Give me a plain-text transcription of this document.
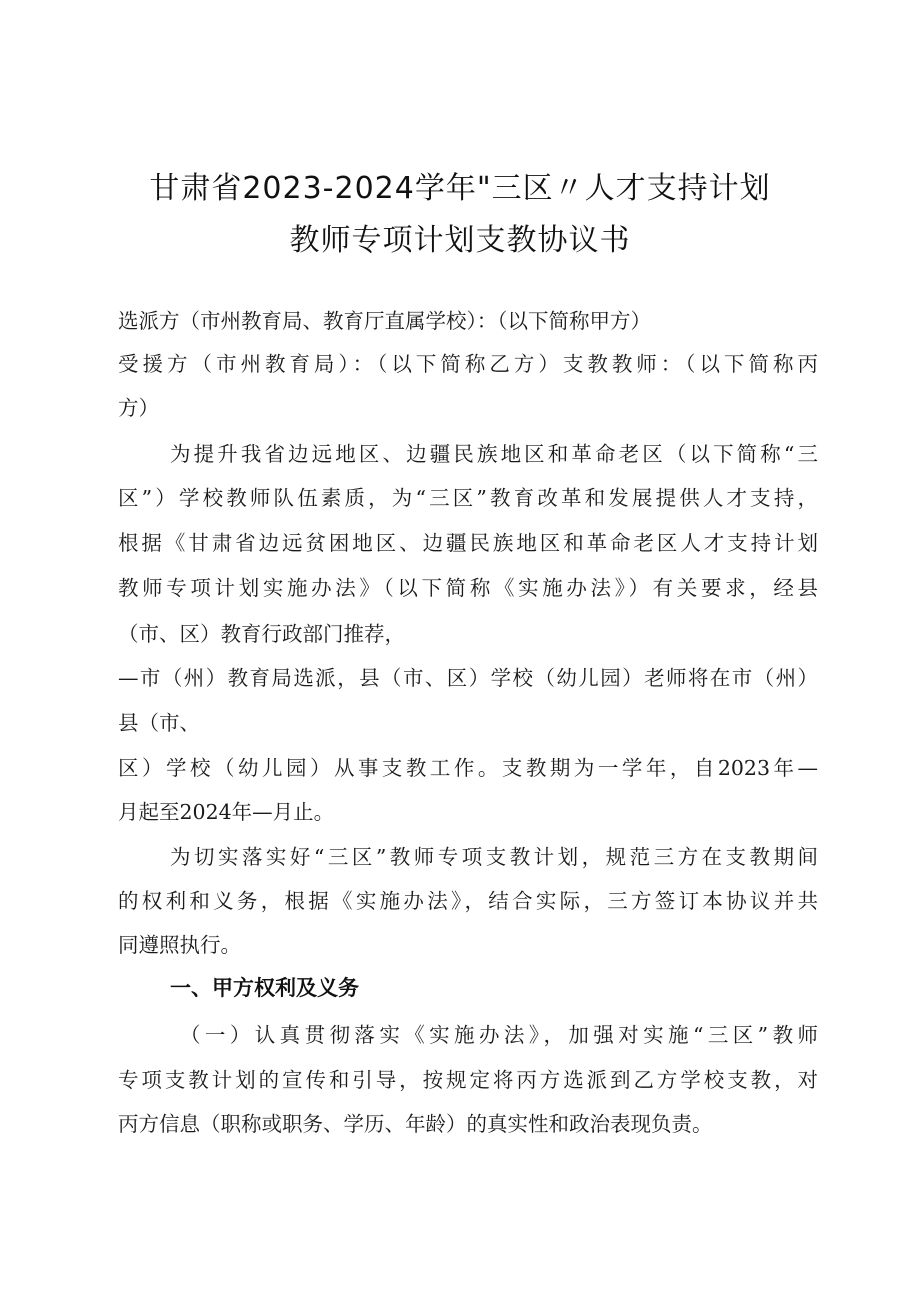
甘肃省2023-2024学年"三区〃人才支持计划
教师专项计划支教协议书
选派方（市州教育局、教育厅直属学校）：（以下简称甲方）
受援方（市州教育局）：（以下简称乙方）支教教师：（以下简称丙
方）
为提升我省边远地区、边疆民族地区和革命老区（以下简称“三
区”）学校教师队伍素质，为“三区”教育改革和发展提供人才支持，
根据《甘肃省边远贫困地区、边疆民族地区和革命老区人才支持计划
教师专项计划实施办法》（以下简称《实施办法》）有关要求，经县
（市、区）教育行政部门推荐，
—市（州）教育局选派，县（市、区）学校（幼儿园）老师将在市（州）
县（市、
区）学校（幼儿园）从事支教工作。支教期为一学年，自2023年—
月起至2024年—月止。
为切实落实好“三区”教师专项支教计划，规范三方在支教期间
的权利和义务，根据《实施办法》，结合实际，三方签订本协议并共
同遵照执行。
一、甲方权利及义务
（一）认真贯彻落实《实施办法》，加强对实施“三区”教师
专项支教计划的宣传和引导，按规定将丙方选派到乙方学校支教，对
丙方信息（职称或职务、学历、年龄）的真实性和政治表现负责。
